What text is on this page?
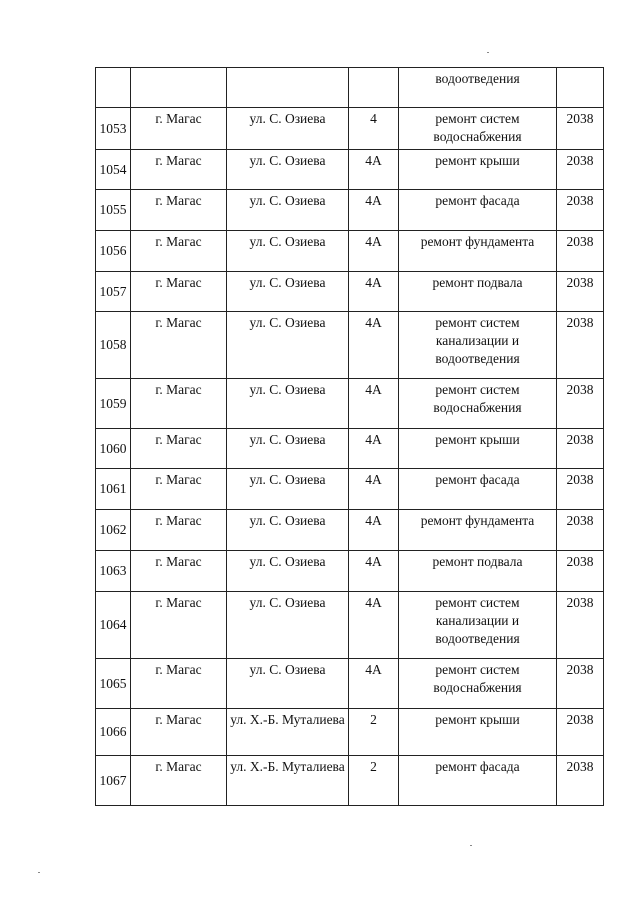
				водоотведения	
1053	г. Магас	ул. С. Озиева	4	ремонт систем водоснабжения	2038
1054	г. Магас	ул. С. Озиева	4А	ремонт крыши	2038
1055	г. Магас	ул. С. Озиева	4А	ремонт фасада	2038
1056	г. Магас	ул. С. Озиева	4А	ремонт фундамента	2038
1057	г. Магас	ул. С. Озиева	4А	ремонт подвала	2038
1058	г. Магас	ул. С. Озиева	4А	ремонт систем канализации и водоотведения	2038
1059	г. Магас	ул. С. Озиева	4А	ремонт систем водоснабжения	2038
1060	г. Магас	ул. С. Озиева	4А	ремонт крыши	2038
1061	г. Магас	ул. С. Озиева	4А	ремонт фасада	2038
1062	г. Магас	ул. С. Озиева	4А	ремонт фундамента	2038
1063	г. Магас	ул. С. Озиева	4А	ремонт подвала	2038
1064	г. Магас	ул. С. Озиева	4А	ремонт систем канализации и водоотведения	2038
1065	г. Магас	ул. С. Озиева	4А	ремонт систем водоснабжения	2038
1066	г. Магас	ул. Х.-Б. Муталиева	2	ремонт крыши	2038
1067	г. Магас	ул. Х.-Б. Муталиева	2	ремонт фасада	2038
